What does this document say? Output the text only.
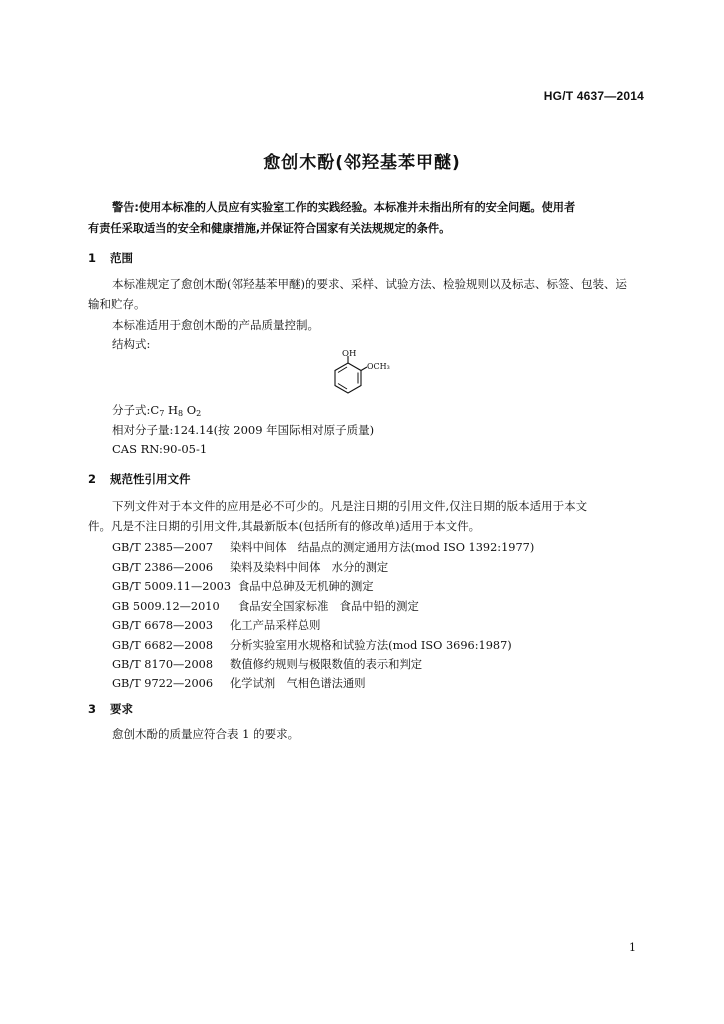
HG/T 4637—2014
愈创木酚(邻羟基苯甲醚)
警告:使用本标准的人员应有实验室工作的实践经验。本标准并未指出所有的安全问题。使用者
有责任采取适当的安全和健康措施,并保证符合国家有关法规规定的条件。
1 范围
本标准规定了愈创木酚(邻羟基苯甲醚)的要求、采样、试验方法、检验规则以及标志、标签、包装、运
输和贮存。
本标准适用于愈创木酚的产品质量控制。
结构式:
OH
OCH₃
分子式$:C_7$ $H_8$ $O_2$
相对分子量:124.14(按 2009 年国际相对原子质量)
CAS RN:90-05-1
2 规范性引用文件
下列文件对于本文件的应用是必不可少的。凡是注日期的引用文件,仅注日期的版本适用于本文
件。凡是不注日期的引用文件,其最新版本(包括所有的修改单)适用于本文件。
GB/T 2385—2007 染料中间体　结晶点的测定通用方法(mod ISO 1392:1977)
GB/T 2386—2006 染料及染料中间体　水分的测定
GB/T 5009.11—2003 食品中总砷及无机砷的测定
GB 5009.12—2010 食品安全国家标准　食品中铅的测定
GB/T 6678—2003 化工产品采样总则
GB/T 6682—2008 分析实验室用水规格和试验方法(mod ISO 3696:1987)
GB/T 8170—2008 数值修约规则与极限数值的表示和判定
GB/T 9722—2006 化学试剂　气相色谱法通则
3 要求
愈创木酚的质量应符合表 1 的要求。
1
